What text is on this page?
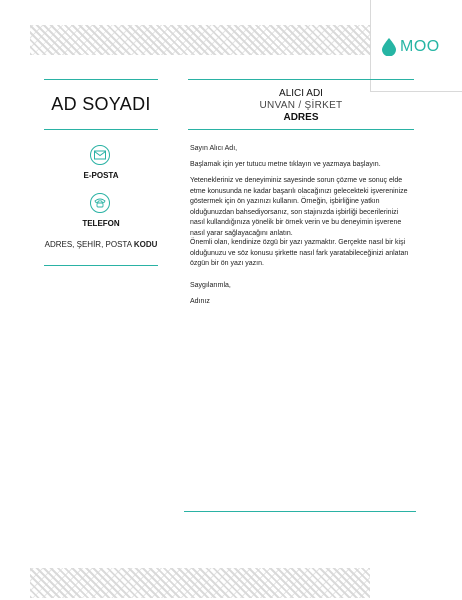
MOO
AD SOYADI
E-POSTA
TELEFON
ADRES, ŞEHİR, POSTA KODU
ALICI ADI
UNVAN / ŞİRKET
ADRES
Sayın Alıcı Adı,
Başlamak için yer tutucu metne tıklayın ve yazmaya başlayın.
Yetenekleriniz ve deneyiminiz sayesinde sorun çözme ve sonuç elde etme konusunda ne kadar başarılı olacağınızı gelecekteki işvereninize göstermek için ön yazınızı kullanın. Örneğin, işbirliğine yatkın olduğunuzdan bahsediyorsanız, son stajınızda işbirliği becerilerinizi nasıl kullandığınıza yönelik bir örnek verin ve bu deneyimin işverene nasıl yarar sağlayacağını anlatın.
Önemli olan, kendinize özgü bir yazı yazmaktır. Gerçekte nasıl bir kişi olduğunuzu ve söz konusu şirkette nasıl fark yaratabileceğinizi anlatan özgün bir ön yazı yazın.
Saygılarımla,
Adınız
